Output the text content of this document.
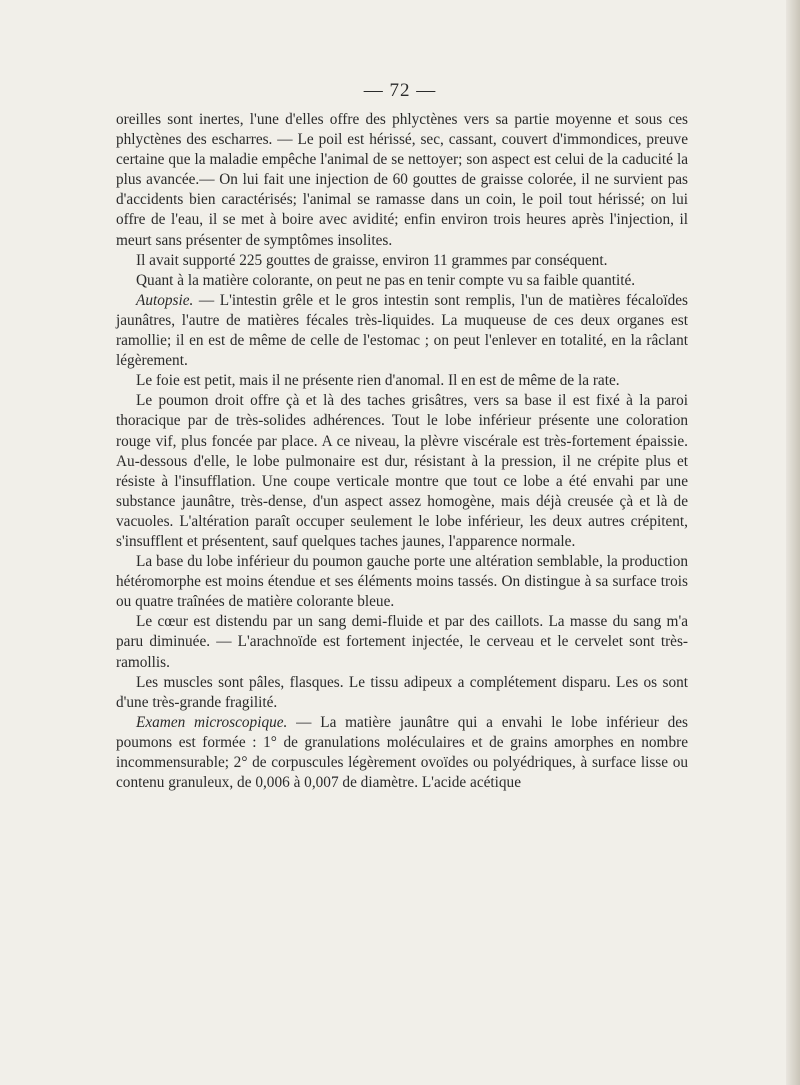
— 72 —

oreilles sont inertes, l'une d'elles offre des phlyctènes vers sa partie moyenne et sous ces phlyctènes des escharres. — Le poil est hérissé, sec, cassant, couvert d'immondices, preuve certaine que la maladie empêche l'animal de se nettoyer; son aspect est celui de la caducité la plus avancée.— On lui fait une injection de 60 gouttes de graisse colorée, il ne survient pas d'accidents bien caractérisés; l'animal se ramasse dans un coin, le poil tout hérissé; on lui offre de l'eau, il se met à boire avec avidité; enfin environ trois heures après l'injection, il meurt sans présenter de symptômes insolites.

Il avait supporté 225 gouttes de graisse, environ 11 grammes par conséquent.

Quant à la matière colorante, on peut ne pas en tenir compte vu sa faible quantité.

Autopsie. — L'intestin grêle et le gros intestin sont remplis, l'un de matières fécaloïdes jaunâtres, l'autre de matières fécales très-liquides. La muqueuse de ces deux organes est ramollie; il en est de même de celle de l'estomac ; on peut l'enlever en totalité, en la râclant légèrement.

Le foie est petit, mais il ne présente rien d'anomal. Il en est de même de la rate.

Le poumon droit offre çà et là des taches grisâtres, vers sa base il est fixé à la paroi thoracique par de très-solides adhérences. Tout le lobe inférieur présente une coloration rouge vif, plus foncée par place. A ce niveau, la plèvre viscérale est très-fortement épaissie. Au-dessous d'elle, le lobe pulmonaire est dur, résistant à la pression, il ne crépite plus et résiste à l'insufflation. Une coupe verticale montre que tout ce lobe a été envahi par une substance jaunâtre, très-dense, d'un aspect assez homogène, mais déjà creusée çà et là de vacuoles. L'altération paraît occuper seulement le lobe inférieur, les deux autres crépitent, s'insufflent et présentent, sauf quelques taches jaunes, l'apparence normale.

La base du lobe inférieur du poumon gauche porte une altération semblable, la production hétéromorphe est moins étendue et ses éléments moins tassés. On distingue à sa surface trois ou quatre traînées de matière colorante bleue.

Le cœur est distendu par un sang demi-fluide et par des caillots. La masse du sang m'a paru diminuée. — L'arachnoïde est fortement injectée, le cerveau et le cervelet sont très-ramollis.

Les muscles sont pâles, flasques. Le tissu adipeux a complétement disparu. Les os sont d'une très-grande fragilité.

Examen microscopique. — La matière jaunâtre qui a envahi le lobe inférieur des poumons est formée : 1° de granulations moléculaires et de grains amorphes en nombre incommensurable; 2° de corpuscules légèrement ovoïdes ou polyédriques, à surface lisse ou contenu granuleux, de 0,006 à 0,007 de diamètre. L'acide acétique
